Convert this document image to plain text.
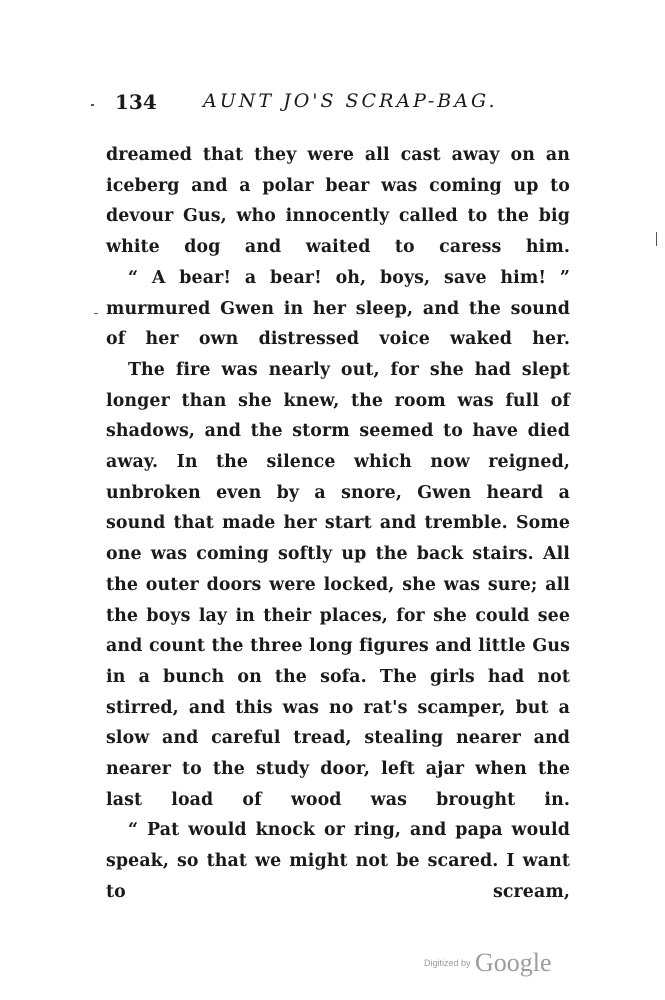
134 AUNT JO'S SCRAP-BAG.

dreamed that they were all cast away on an iceberg and a polar bear was coming up to devour Gus, who innocently called to the big white dog and waited to caress him.

“ A bear! a bear! oh, boys, save him! ” murmured Gwen in her sleep, and the sound of her own distressed voice waked her.

The fire was nearly out, for she had slept longer than she knew, the room was full of shadows, and the storm seemed to have died away. In the silence which now reigned, unbroken even by a snore, Gwen heard a sound that made her start and tremble. Some one was coming softly up the back stairs. All the outer doors were locked, she was sure; all the boys lay in their places, for she could see and count the three long figures and little Gus in a bunch on the sofa. The girls had not stirred, and this was no rat's scamper, but a slow and careful tread, stealing nearer and nearer to the study door, left ajar when the last load of wood was brought in.

“ Pat would knock or ring, and papa would speak, so that we might not be scared. I want to scream,

Digitized by Google
